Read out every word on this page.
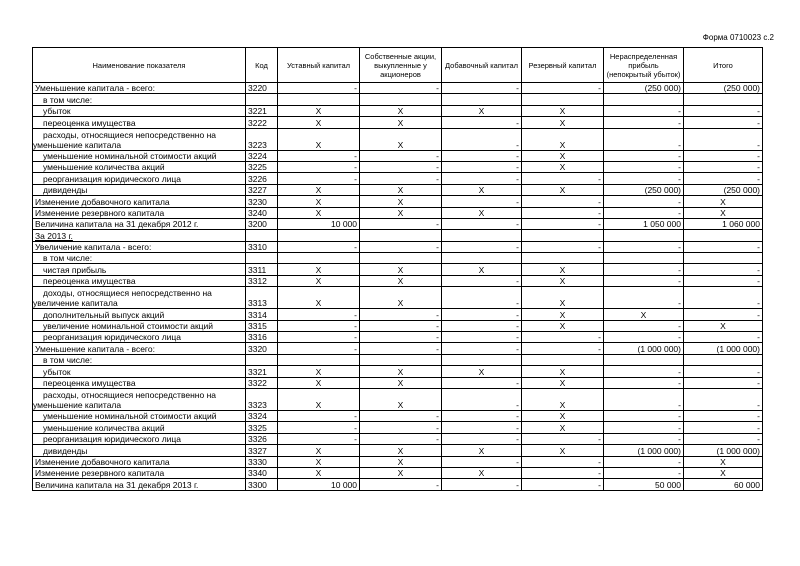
Форма 0710023 с.2
Наименование показателя	Код	Уставный капитал	Собственные акции, выкупленные у акционеров	Добавочный капитал	Резервный капитал	Нераспределенная прибыль (непокрытый убыток)	Итого
Уменьшение капитала - всего:	3220	-	-	-	-	(250 000)	(250 000)
в том числе:							
убыток	3221	X	X	X	X	-	-
переоценка имущества	3222	X	X	-	X	-	-
расходы, относящиеся непосредственно на уменьшение капитала	3223	X	X	-	X	-	-
уменьшение номинальной стоимости акций	3224	-	-	-	X	-	-
уменьшение количества акций	3225	-	-	-	X	-	-
реорганизация юридического лица	3226	-	-	-	-	-	-
дивиденды	3227	X	X	X	X	(250 000)	(250 000)
Изменение добавочного капитала	3230	X	X	-	-	-	X
Изменение резервного капитала	3240	X	X	X	-	-	X
Величина капитала на 31 декабря 2012 г.	3200	10 000	-	-	-	1 050 000	1 060 000
За 2013 г.							
Увеличение капитала - всего:	3310	-	-	-	-	-	-
в том числе:							
чистая прибыль	3311	X	X	X	X	-	-
переоценка имущества	3312	X	X	-	X	-	-
доходы, относящиеся непосредственно на увеличение капитала	3313	X	X	-	X	-	-
дополнительный выпуск акций	3314	-	-	-	X	X	-
увеличение номинальной стоимости акций	3315	-	-	-	X	-	X
реорганизация юридического лица	3316	-	-	-	-	-	-
Уменьшение капитала - всего:	3320	-	-	-	-	(1 000 000)	(1 000 000)
в том числе:							
убыток	3321	X	X	X	X	-	-
переоценка имущества	3322	X	X	-	X	-	-
расходы, относящиеся непосредственно на уменьшение капитала	3323	X	X	-	X	-	-
уменьшение номинальной стоимости акций	3324	-	-	-	X	-	-
уменьшение количества акций	3325	-	-	-	X	-	-
реорганизация юридического лица	3326	-	-	-	-	-	-
дивиденды	3327	X	X	X	X	(1 000 000)	(1 000 000)
Изменение добавочного капитала	3330	X	X	-	-	-	X
Изменение резервного капитала	3340	X	X	X	-	-	X
Величина капитала на 31 декабря 2013 г.	3300	10 000	-	-	-	50 000	60 000
